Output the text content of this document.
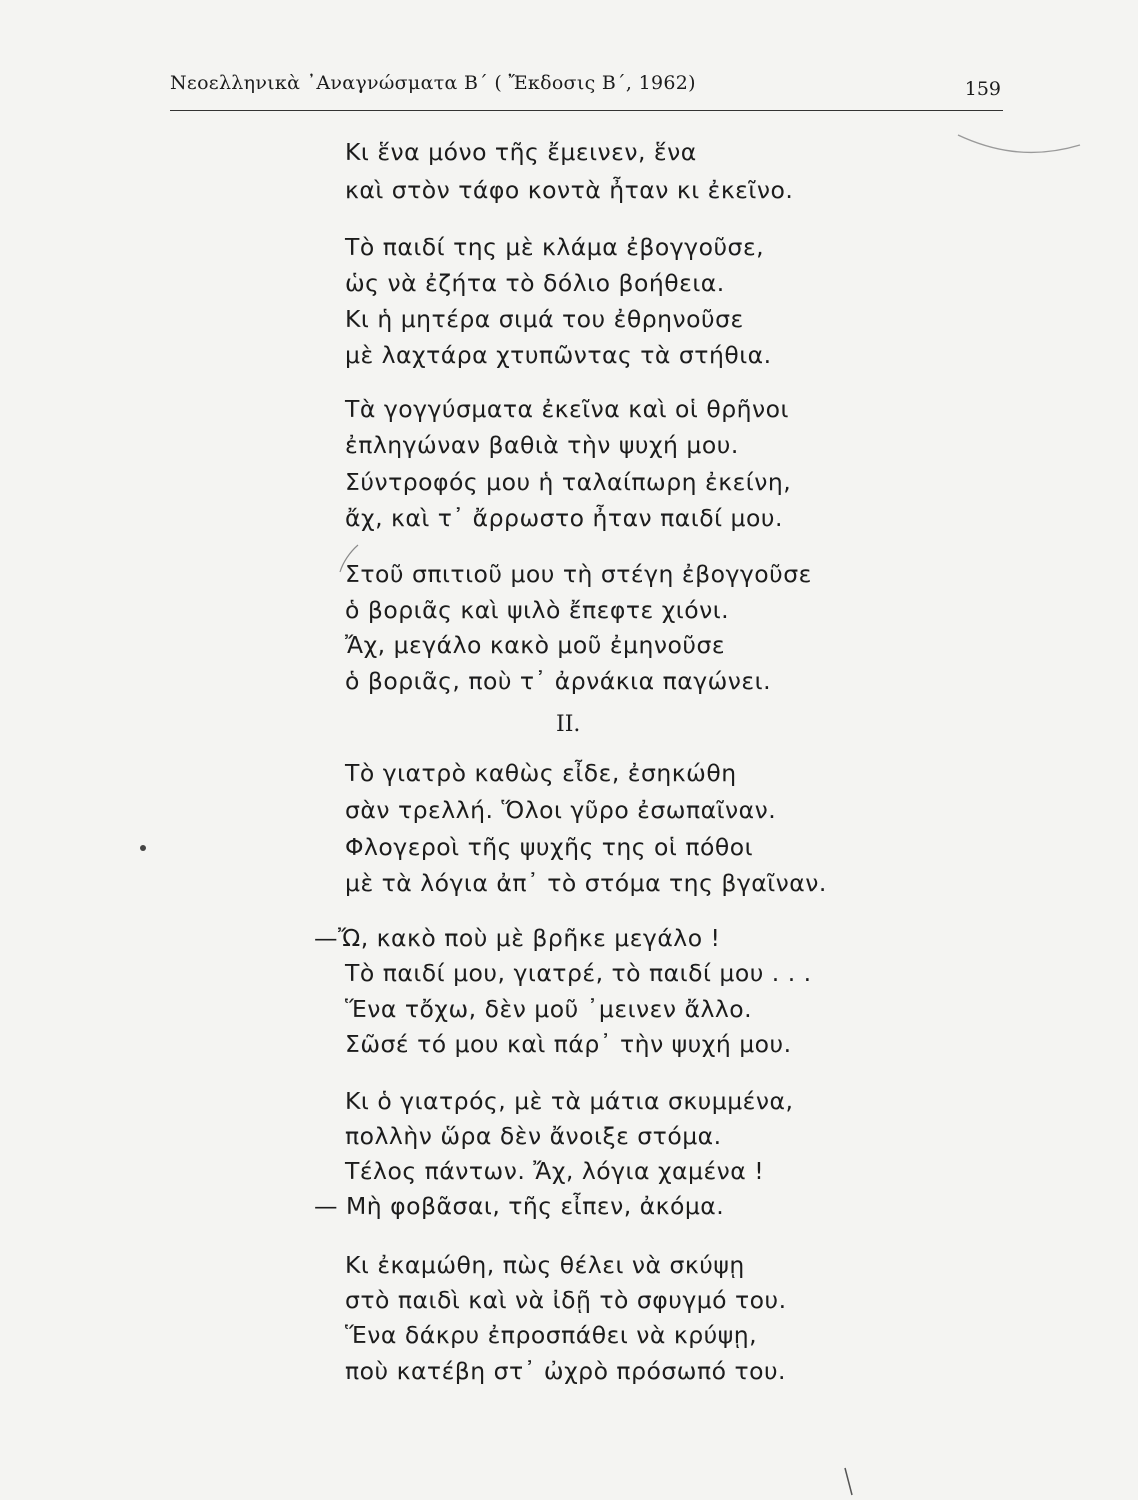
Νεοελληνικὰ ᾿Αναγνώσματα Β΄ ( Ἔκδοσις Β΄, 1962)	159
Κι ἕνα μόνο τῆς ἔμεινεν, ἕνα
καὶ στὸν τάφο κοντὰ ἦταν κι ἐκεῖνο.
Τὸ παιδί της μὲ κλάμα ἐβογγοῦσε,
ὡς νὰ ἐζήτα τὸ δόλιο βοήθεια.
Κι ἡ μητέρα σιμά του ἐθρηνοῦσε
μὲ λαχτάρα χτυπῶντας τὰ στήθια.
Τὰ γογγύσματα ἐκεῖνα καὶ οἱ θρῆνοι
ἐπληγώναν βαθιὰ τὴν ψυχή μου.
Σύντροφός μου ἡ ταλαίπωρη ἐκείνη,
ἄχ, καὶ τ᾿ ἄρρωστο ἦταν παιδί μου.
Στοῦ σπιτιοῦ μου τὴ στέγη ἐβογγοῦσε
ὁ βοριᾶς καὶ ψιλὸ ἔπεφτε χιόνι.
Ἄχ, μεγάλο κακὸ μοῦ ἐμηνοῦσε
ὁ βοριᾶς, ποὺ τ᾿ ἀρνάκια παγώνει.
II.
Τὸ γιατρὸ καθὼς εἶδε, ἐσηκώθη
σὰν τρελλή. Ὅλοι γῦρο ἐσωπαῖναν.
Φλογεροὶ τῆς ψυχῆς της οἱ πόθοι
μὲ τὰ λόγια ἀπ᾿ τὸ στόμα της βγαῖναν.
—Ὤ, κακὸ ποὺ μὲ βρῆκε μεγάλο !
Τὸ παιδί μου, γιατρέ, τὸ παιδί μου . . .
Ἕνα τὄχω, δὲν μοῦ ᾿μεινεν ἄλλο.
Σῶσέ τό μου καὶ πάρ᾿ τὴν ψυχή μου.
Κι ὁ γιατρός, μὲ τὰ μάτια σκυμμένα,
πολλὴν ὥρα δὲν ἄνοιξε στόμα.
Τέλος πάντων. Ἄχ, λόγια χαμένα !
— Μὴ φοβᾶσαι, τῆς εἶπεν, ἀκόμα.
Κι ἐκαμώθη, πὼς θέλει νὰ σκύψῃ
στὸ παιδὶ καὶ νὰ ἰδῇ τὸ σφυγμό του.
Ἕνα δάκρυ ἐπροσπάθει νὰ κρύψῃ,
ποὺ κατέβη στ᾿ ὠχρὸ πρόσωπό του.
